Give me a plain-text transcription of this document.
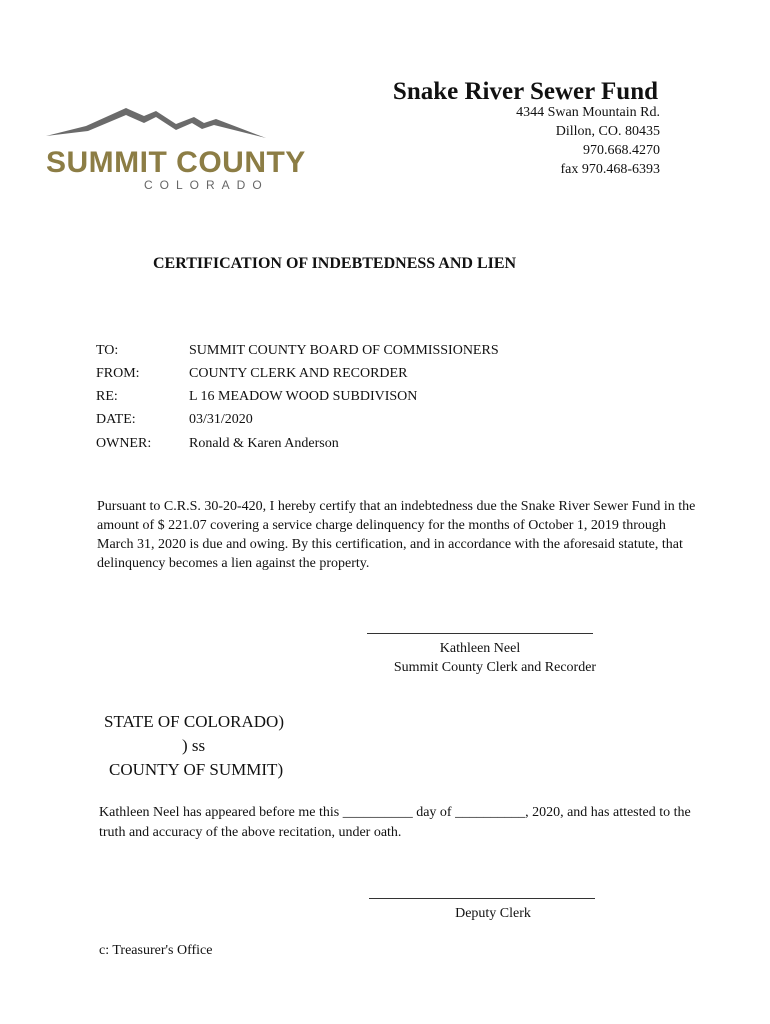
SUMMIT COUNTY
COLORADO
Snake River Sewer Fund
4344 Swan Mountain Rd.
Dillon, CO. 80435
970.668.4270
fax 970.468-6393
CERTIFICATION OF INDEBTEDNESS AND LIEN
TO:	SUMMIT COUNTY BOARD OF COMMISSIONERS
FROM:	COUNTY CLERK AND RECORDER
RE:	L 16 MEADOW WOOD SUBDIVISON
DATE:	03/31/2020
OWNER:	Ronald & Karen Anderson
Pursuant to C.R.S. 30-20-420, I hereby certify that an indebtedness due the Snake River Sewer Fund in the amount of $ 221.07 covering a service charge delinquency for the months of October 1, 2019 through March 31, 2020 is due and owing. By this certification, and in accordance with the aforesaid statute, that delinquency becomes a lien against the property.
Kathleen Neel
Summit County Clerk and Recorder
STATE OF COLORADO)
) ss
COUNTY OF SUMMIT)
Kathleen Neel has appeared before me this __________ day of __________, 2020, and has attested to the truth and accuracy of the above recitation, under oath.
Deputy Clerk
c: Treasurer's Office
